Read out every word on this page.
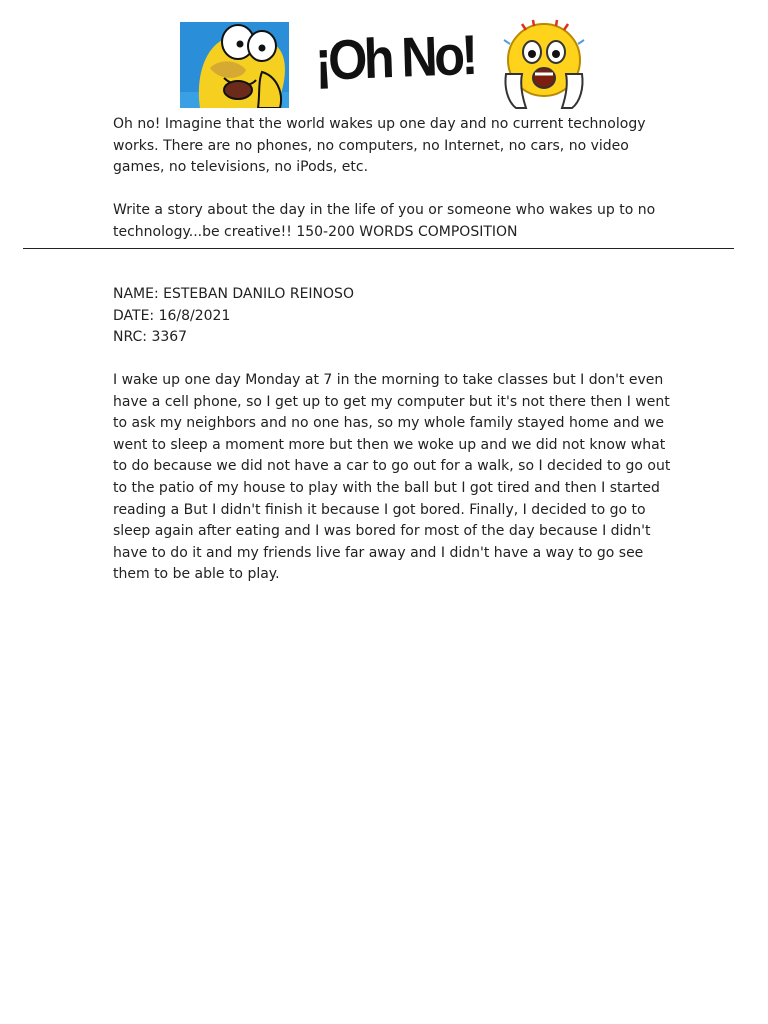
¡Oh No!

Oh no! Imagine that the world wakes up one day and no current technology works. There are no phones, no computers, no Internet, no cars, no video games, no televisions, no iPods, etc.

Write a story about the day in the life of you or someone who wakes up to no technology...be creative!! 150-200 WORDS COMPOSITION

NAME: ESTEBAN DANILO REINOSO

DATE: 16/8/2021

NRC: 3367

I wake up one day Monday at 7 in the morning to take classes but I don't even have a cell phone, so I get up to get my computer but it's not there then I went to ask my neighbors and no one has, so my whole family stayed home and we went to sleep a moment more but then we woke up and we did not know what to do because we did not have a car to go out for a walk, so I decided to go out to the patio of my house to play with the ball but I got tired and then I started reading a But I didn't finish it because I got bored. Finally, I decided to go to sleep again after eating and I was bored for most of the day because I didn't have to do it and my friends live far away and I didn't have a way to go see them to be able to play.
